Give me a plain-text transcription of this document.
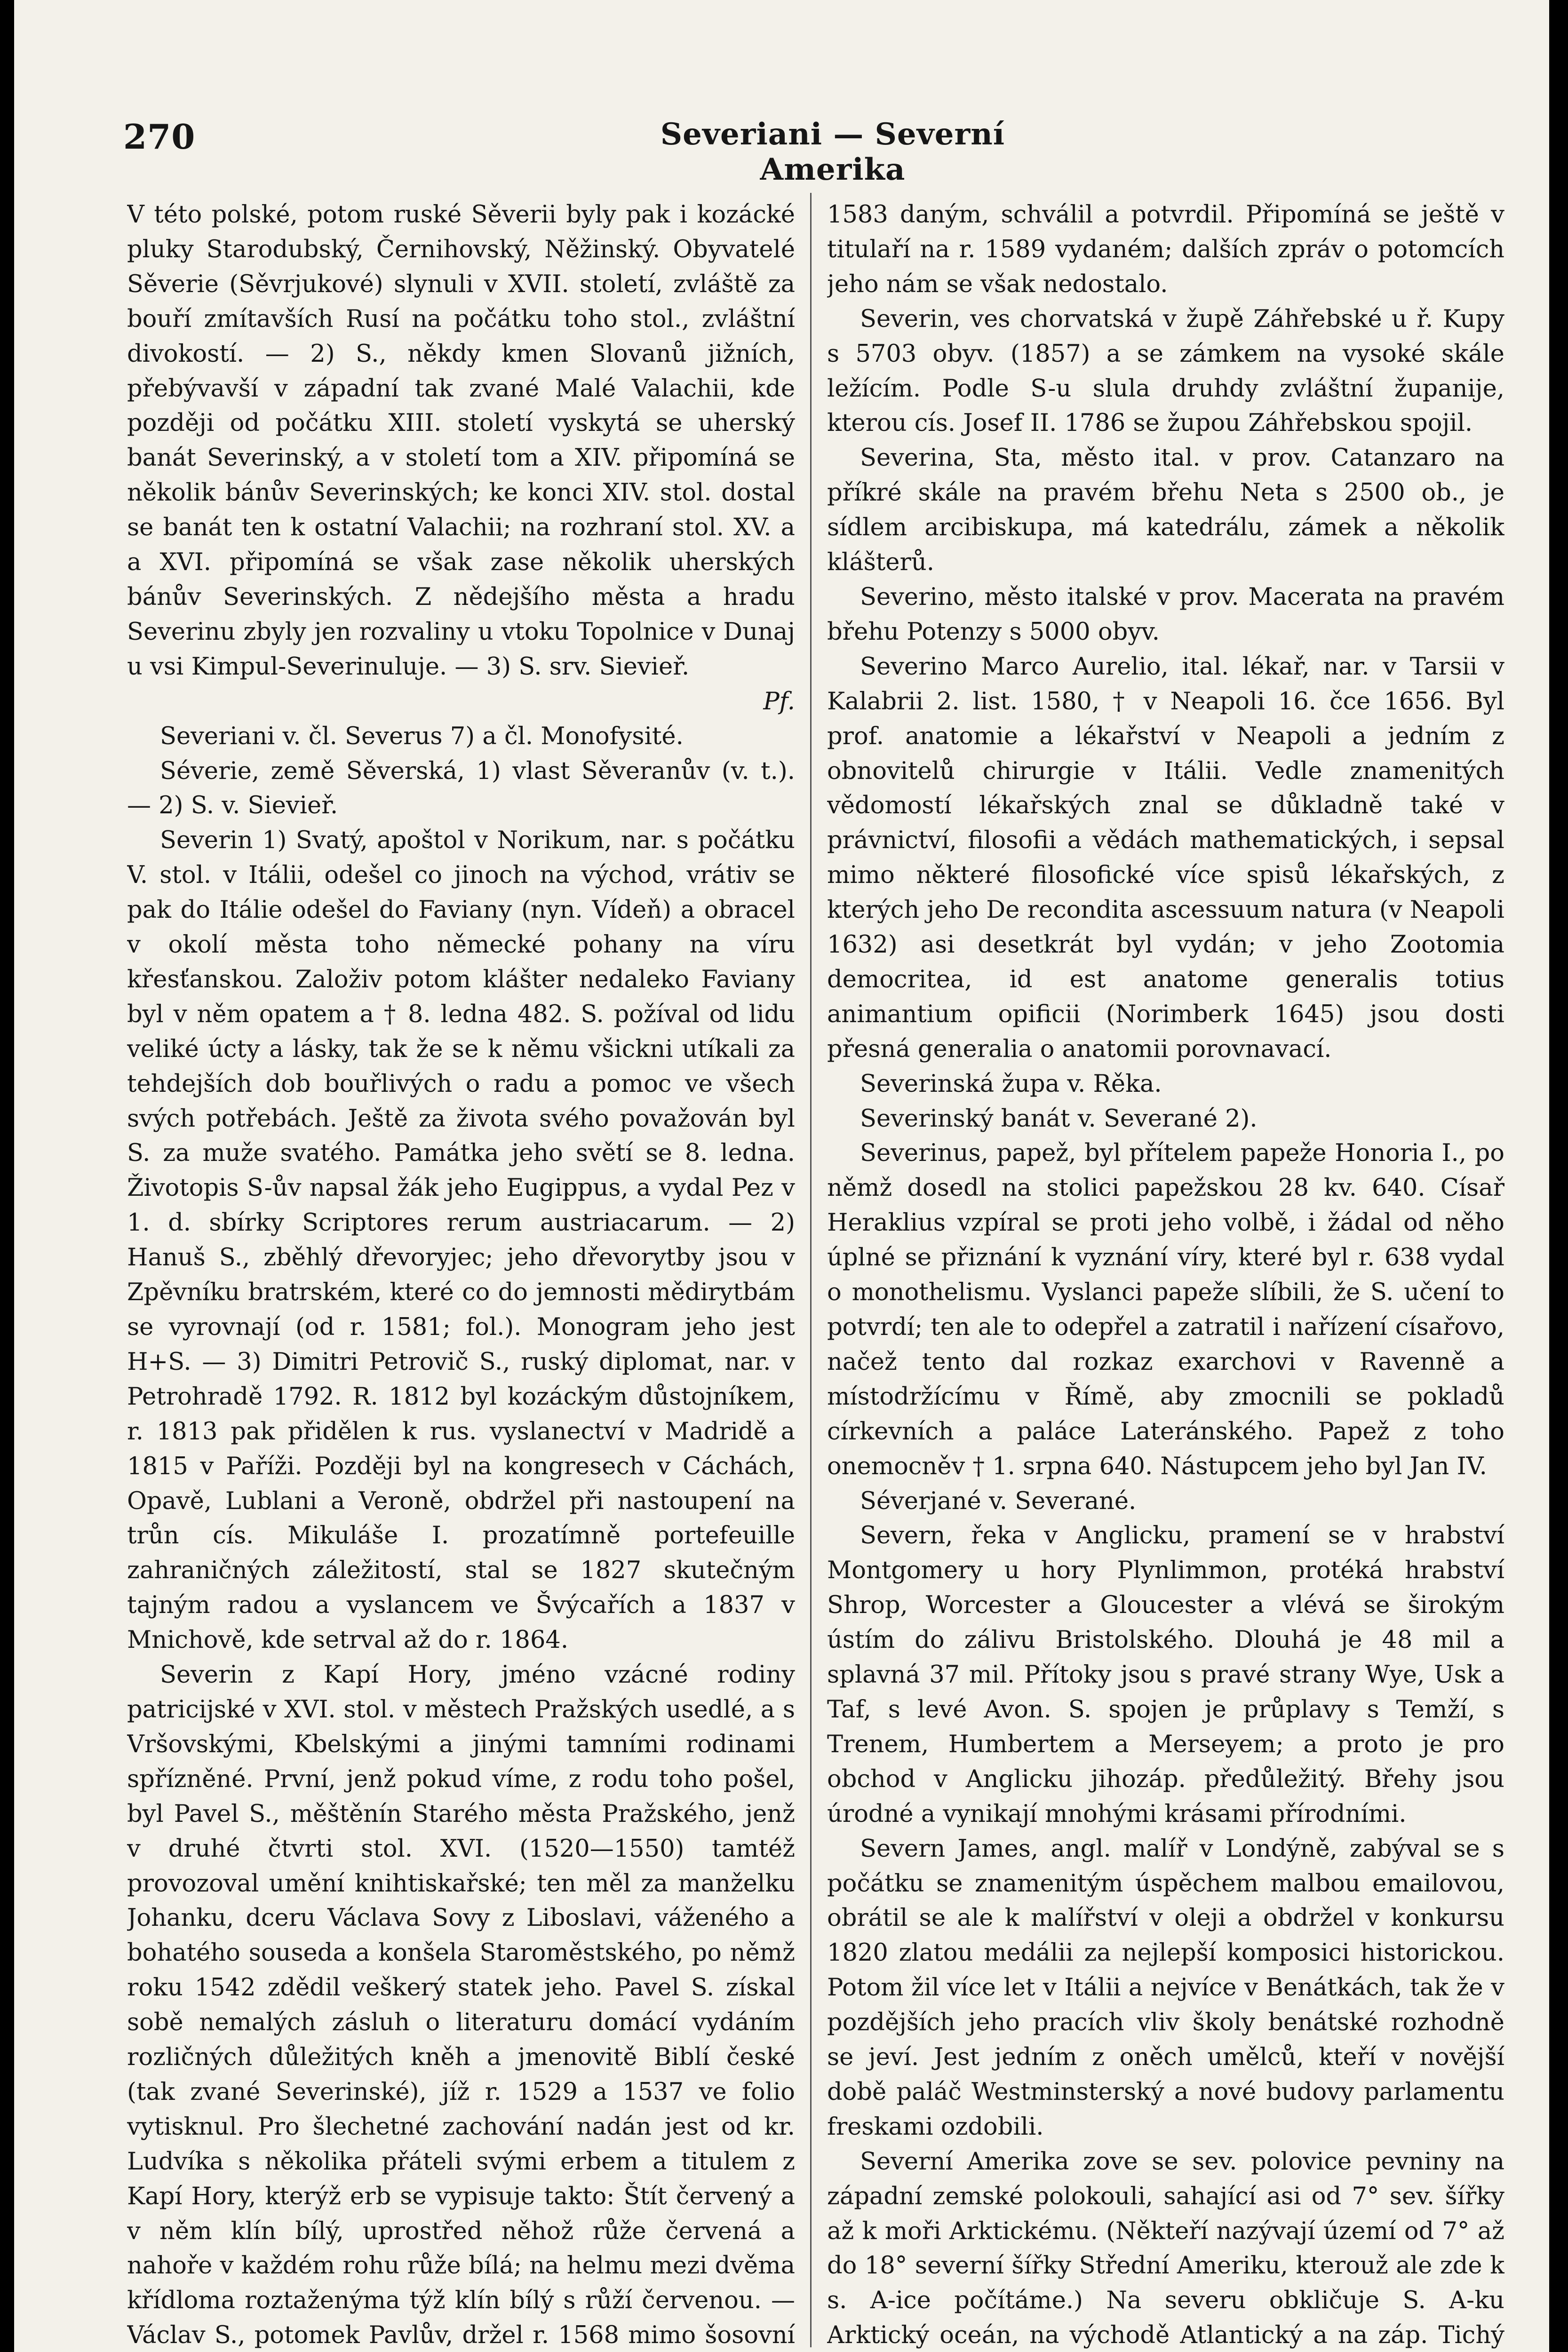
270	Severiani — Severní Amerika

V této polské, potom ruské Sěverii byly pak i kozácké pluky Starodubský, Černihovský, Něžinský. Obyvatelé Sěverie (Sěvrjukové) slynuli v XVII. století, zvláště za bouří zmítavších Rusí na počátku toho stol., zvláštní divokostí. — 2) S., někdy kmen Slovanů jižních, přebývavší v západní tak zvané Malé Valachii, kde později od počátku XIII. století vyskytá se uherský banát Severinský, a v století tom a XIV. připomíná se několik bánův Severinských; ke konci XIV. stol. dostal se banát ten k ostatní Valachii; na rozhraní stol. XV. a a XVI. připomíná se však zase několik uherských bánův Severinských. Z nědejšího města a hradu Severinu zbyly jen rozvaliny u vtoku Topolnice v Dunaj u vsi Kimpul-Severinuluje. — 3) S. srv. Sievieř.

Pf.

Severiani v. čl. Severus 7) a čl. Monofysité.

Séverie, země Sěverská, 1) vlast Sěveranův (v. t.). — 2) S. v. Sievieř.

Severin 1) Svatý, apoštol v Norikum, nar. s počátku V. stol. v Itálii, odešel co jinoch na východ, vrátiv se pak do Itálie odešel do Faviany (nyn. Vídeň) a obracel v okolí města toho německé pohany na víru křesťanskou. Založiv potom klášter nedaleko Faviany byl v něm opatem a † 8. ledna 482. S. požíval od lidu veliké úcty a lásky, tak že se k němu všickni utíkali za tehdejších dob bouřlivých o radu a pomoc ve všech svých potřebách. Ještě za života svého považován byl S. za muže svatého. Památka jeho světí se 8. ledna. Životopis S-ův napsal žák jeho Eugippus, a vydal Pez v 1. d. sbírky Scriptores rerum austriacarum. — 2) Hanuš S., zběhlý dřevoryjec; jeho dřevorytby jsou v Zpěvníku bratrském, které co do jemnosti mědirytbám se vyrovnají (od r. 1581; fol.). Monogram jeho jest H+S. — 3) Dimitri Petrovič S., ruský diplomat, nar. v Petrohradě 1792. R. 1812 byl kozáckým důstojníkem, r. 1813 pak přidělen k rus. vyslanectví v Madridě a 1815 v Paříži. Později byl na kongresech v Cáchách, Opavě, Lublani a Veroně, obdržel při nastoupení na trůn cís. Mikuláše I. prozatímně portefeuille zahraničných záležitostí, stal se 1827 skutečným tajným radou a vyslancem ve Švýcařích a 1837 v Mnichově, kde setrval až do r. 1864.

Severin z Kapí Hory, jméno vzácné rodiny patricijské v XVI. stol. v městech Pražských usedlé, a s Vršovskými, Kbelskými a jinými tamními rodinami spřízněné. První, jenž pokud víme, z rodu toho pošel, byl Pavel S., měštěnín Starého města Pražského, jenž v druhé čtvrti stol. XVI. (1520—1550) tamtéž provozoval umění knihtiskařské; ten měl za manželku Johanku, dceru Václava Sovy z Liboslavi, váženého a bohatého souseda a konšela Staroměstského, po němž roku 1542 zdědil veškerý statek jeho. Pavel S. získal sobě nemalých zásluh o literaturu domácí vydáním rozličných důležitých kněh a jmenovitě Biblí české (tak zvané Severinské), jíž r. 1529 a 1537 ve folio vytisknul. Pro šlechetné zachování nadán jest od kr. Ludvíka s několika přáteli svými erbem a titulem z Kapí Hory, kterýž erb se vypisuje takto: Štít červený a v něm klín bílý, uprostřed něhož růže červená a nahoře v každém rohu růže bílá; na helmu mezi dvěma křídloma roztaženýma týž klín bílý s růží červenou. — Václav S., potomek Pavlův, držel r. 1568 mimo šosovní

1583 daným, schválil a potvrdil. Připomíná se ještě v titulaří na r. 1589 vydaném; dalších zpráv o potomcích jeho nám se však nedostalo.

Severin, ves chorvatská v župě Záhřebské u ř. Kupy s 5703 obyv. (1857) a se zámkem na vysoké skále ležícím. Podle S-u slula druhdy zvláštní županije, kterou cís. Josef II. 1786 se župou Záhřebskou spojil.

Severina, Sta, město ital. v prov. Catanzaro na příkré skále na pravém břehu Neta s 2500 ob., je sídlem arcibiskupa, má katedrálu, zámek a několik klášterů.

Severino, město italské v prov. Macerata na pravém břehu Potenzy s 5000 obyv.

Severino Marco Aurelio, ital. lékař, nar. v Tarsii v Kalabrii 2. list. 1580, † v Neapoli 16. čce 1656. Byl prof. anatomie a lékařství v Neapoli a jedním z obnovitelů chirurgie v Itálii. Vedle znamenitých vědomostí lékařských znal se důkladně také v právnictví, filosofii a vědách mathematických, i sepsal mimo některé filosofické více spisů lékařských, z kterých jeho De recondita ascessuum natura (v Neapoli 1632) asi desetkrát byl vydán; v jeho Zootomia democritea, id est anatome generalis totius animantium opificii (Norimberk 1645) jsou dosti přesná generalia o anatomii porovnavací.

Severinská župa v. Rěka.

Severinský banát v. Severané 2).

Severinus, papež, byl přítelem papeže Honoria I., po němž dosedl na stolici papežskou 28 kv. 640. Císař Heraklius vzpíral se proti jeho volbě, i žádal od něho úplné se přiznání k vyznání víry, které byl r. 638 vydal o monothelismu. Vyslanci papeže slíbili, že S. učení to potvrdí; ten ale to odepřel a zatratil i nařízení císařovo, načež tento dal rozkaz exarchovi v Ravenně a místodržícímu v Římě, aby zmocnili se pokladů církevních a paláce Lateránského. Papež z toho onemocněv † 1. srpna 640. Nástupcem jeho byl Jan IV.

Séverjané v. Severané.

Severn, řeka v Anglicku, pramení se v hrabství Montgomery u hory Plynlimmon, protéká hrabství Shrop, Worcester a Gloucester a vlévá se širokým ústím do zálivu Bristolského. Dlouhá je 48 mil a splavná 37 mil. Přítoky jsou s pravé strany Wye, Usk a Taf, s levé Avon. S. spojen je průplavy s Temží, s Trenem, Humbertem a Merseyem; a proto je pro obchod v Anglicku jihozáp. předůležitý. Břehy jsou úrodné a vynikají mnohými krásami přírodními.

Severn James, angl. malíř v Londýně, zabýval se s počátku se znamenitým úspěchem malbou emailovou, obrátil se ale k malířství v oleji a obdržel v konkursu 1820 zlatou medálii za nejlepší komposici historickou. Potom žil více let v Itálii a nejvíce v Benátkách, tak že v pozdějších jeho pracích vliv školy benátské rozhodně se jeví. Jest jedním z oněch umělců, kteří v novější době paláč Westminsterský a nové budovy parlamentu freskami ozdobili.

Severní Amerika zove se sev. polovice pevniny na západní zemské polokouli, sahající asi od 7° sev. šířky až k moři Arktickému. (Někteří nazývají území od 7° až do 18° severní šířky Střední Ameriku, kterouž ale zde k s. A-ice počítáme.) Na severu obkličuje S. A-ku Arktický oceán, na východě Atlantický a na záp. Tichý
